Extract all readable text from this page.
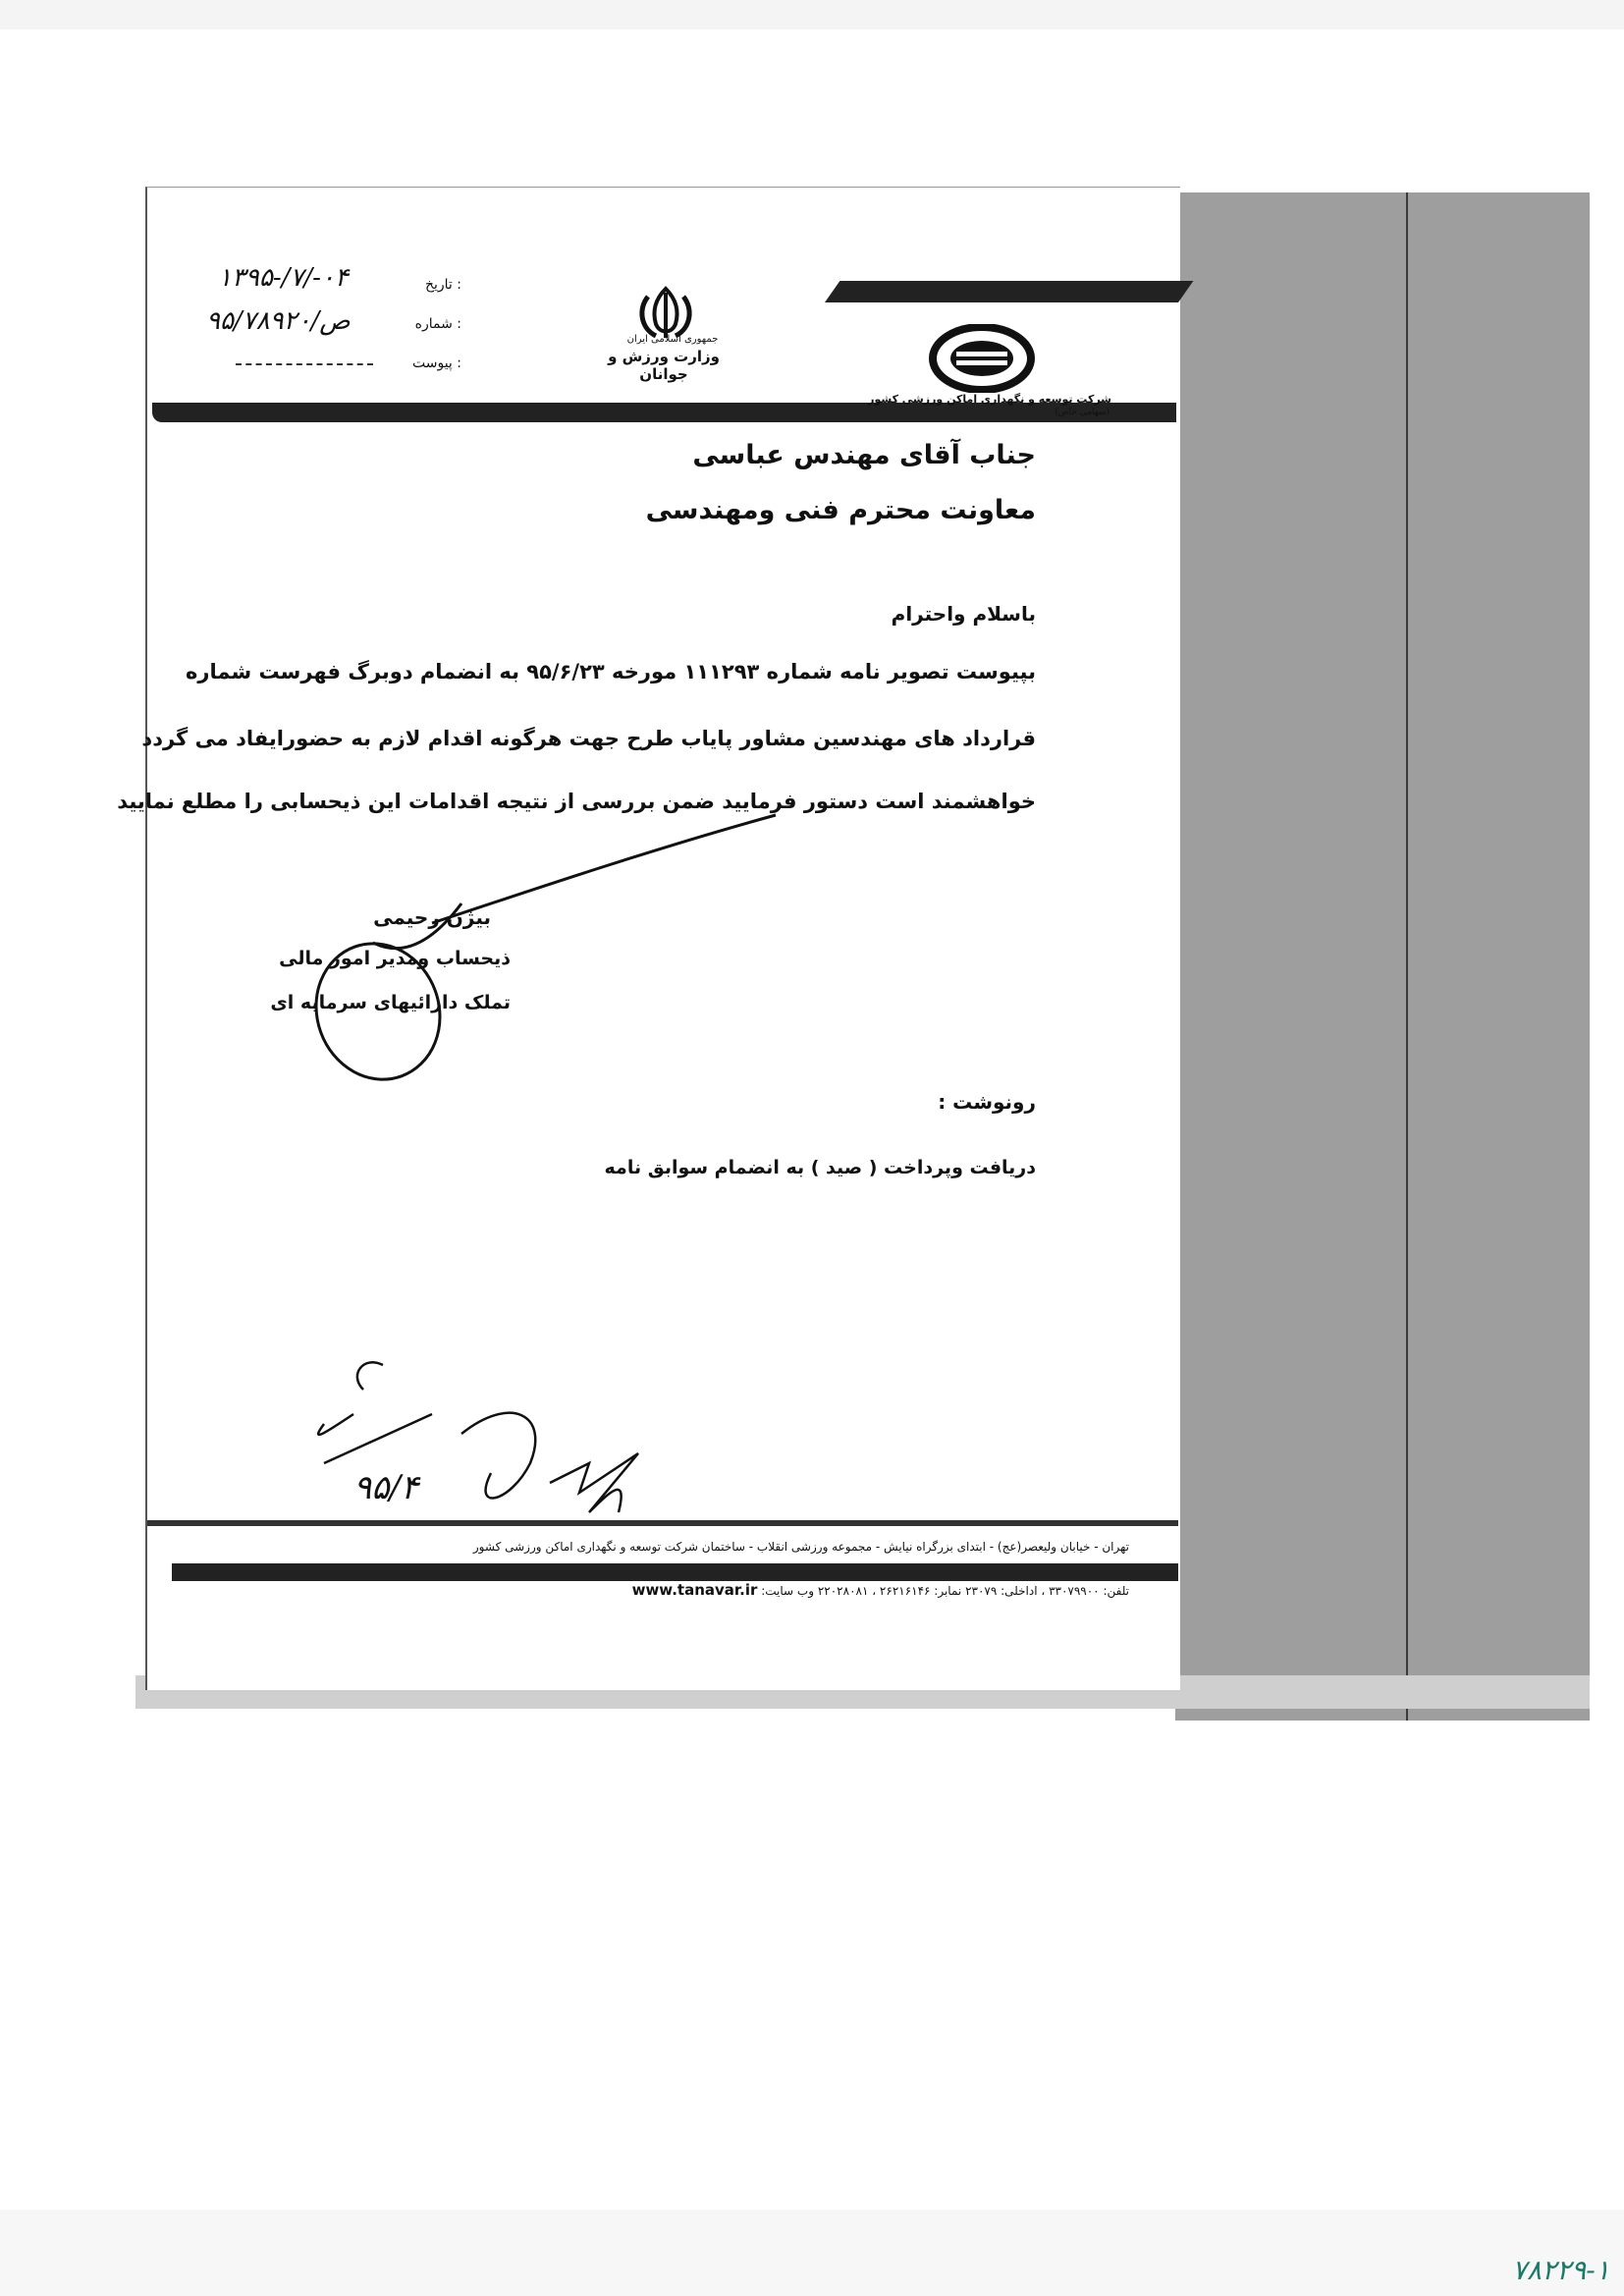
جمهوری اسلامی ایران
وزارت ورزش و جوانان
شرکت توسعه و نگهداری اماکن ورزشی کشور
(سهامی خاص)
تاریخ :
۱۳۹۵-/۷/-۰۴
شماره :
۹۵/ص/۷۸۹۲۰
پیوست :
جناب آقای مهندس عباسی
معاونت محترم فنی ومهندسی
باسلام واحترام
بپیوست تصویر نامه شماره ۱۱۱۲۹۳ مورخه ۹۵/۶/۲۳ به انضمام دوبرگ فهرست شماره
قرارداد های مهندسین مشاور پایاب طرح جهت هرگونه اقدام لازم به حضورایفاد می گردد
خواهشمند است دستور فرمایید ضمن بررسی از نتیجه اقدامات این ذیحسابی را مطلع نمایید
بیژن رحیمی
ذیحساب ومدیر امور مالی
تملک دارائیهای سرمایه ای
رونوشت :
دریافت وپرداخت ( صید ) به انضمام سوابق نامه
تهران - خیابان ولیعصر(عج) - ابتدای بزرگراه نیایش - مجموعه ورزشی انقلاب - ساختمان شرکت توسعه و نگهداری اماکن ورزشی کشور
تلفن: ۳۳۰۷۹۹۰۰ ، اداخلی: ۲۳۰۷۹ نمابر: ۲۶۲۱۶۱۴۶ ، ۲۲۰۲۸۰۸۱ وب سایت: www.tanavar.ir
۹۵/۴
۷۸۲۲۹-۱
